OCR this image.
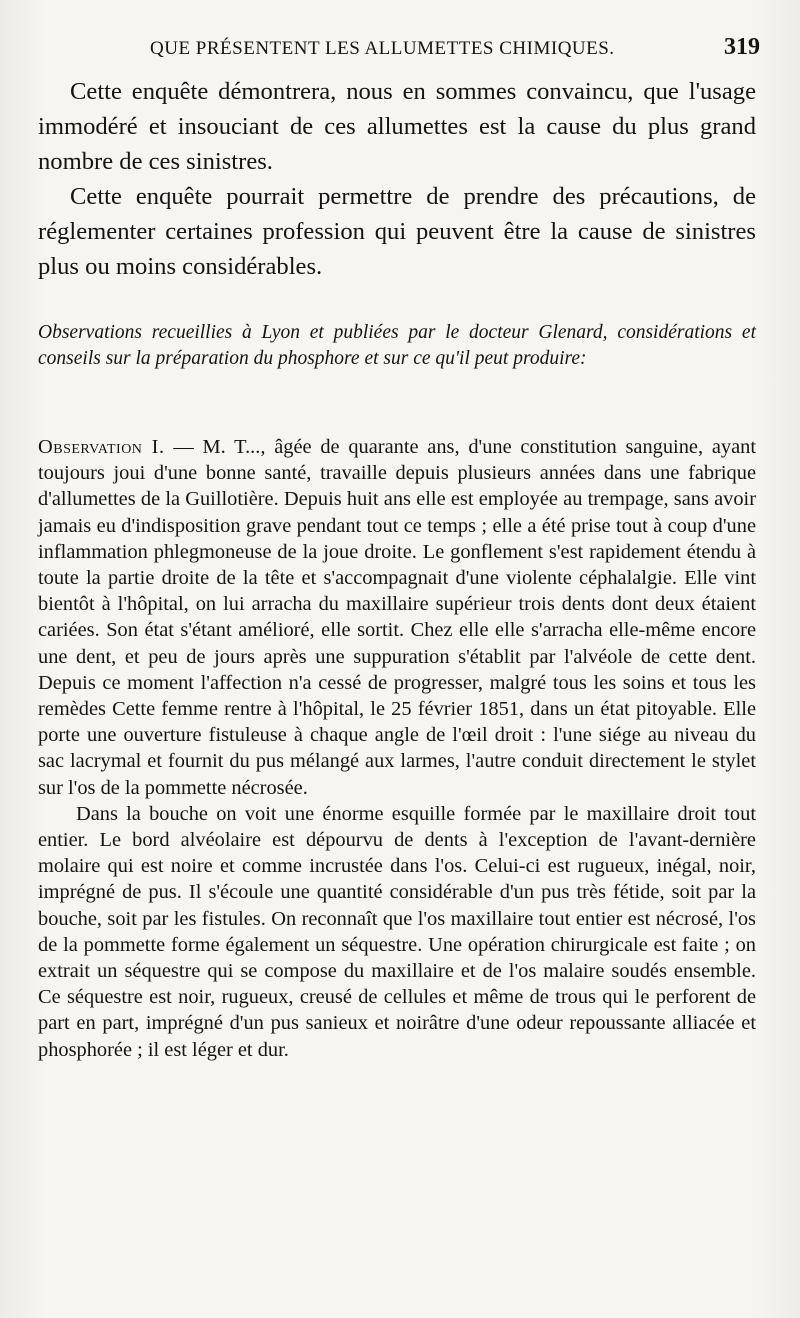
QUE PRÉSENTENT LES ALLUMETTES CHIMIQUES.	319

Cette enquête démontrera, nous en sommes convaincu, que l'usage immodéré et insouciant de ces allumettes est la cause du plus grand nombre de ces sinistres.

Cette enquête pourrait permettre de prendre des précautions, de réglementer certaines profession qui peuvent être la cause de sinistres plus ou moins considérables.

Observations recueillies à Lyon et publiées par le docteur Glenard, considérations et conseils sur la préparation du phosphore et sur ce qu'il peut produire:

Observation I. — M. T..., âgée de quarante ans, d'une constitution sanguine, ayant toujours joui d'une bonne santé, travaille depuis plusieurs années dans une fabrique d'allumettes de la Guillotière. Depuis huit ans elle est employée au trempage, sans avoir jamais eu d'indisposition grave pendant tout ce temps ; elle a été prise tout à coup d'une inflammation phlegmoneuse de la joue droite. Le gonflement s'est rapidement étendu à toute la partie droite de la tête et s'accompagnait d'une violente céphalalgie. Elle vint bientôt à l'hôpital, on lui arracha du maxillaire supérieur trois dents dont deux étaient cariées. Son état s'étant amélioré, elle sortit. Chez elle elle s'arracha elle-même encore une dent, et peu de jours après une suppuration s'établit par l'alvéole de cette dent. Depuis ce moment l'affection n'a cessé de progresser, malgré tous les soins et tous les remèdes Cette femme rentre à l'hôpital, le 25 février 1851, dans un état pitoyable. Elle porte une ouverture fistuleuse à chaque angle de l'œil droit : l'une siége au niveau du sac lacrymal et fournit du pus mélangé aux larmes, l'autre conduit directement le stylet sur l'os de la pommette nécrosée.

Dans la bouche on voit une énorme esquille formée par le maxillaire droit tout entier. Le bord alvéolaire est dépourvu de dents à l'exception de l'avant-dernière molaire qui est noire et comme incrustée dans l'os. Celui-ci est rugueux, inégal, noir, imprégné de pus. Il s'écoule une quantité considérable d'un pus très fétide, soit par la bouche, soit par les fistules. On reconnaît que l'os maxillaire tout entier est nécrosé, l'os de la pommette forme également un séquestre. Une opération chirurgicale est faite ; on extrait un séquestre qui se compose du maxillaire et de l'os malaire soudés ensemble. Ce séquestre est noir, rugueux, creusé de cellules et même de trous qui le perforent de part en part, imprégné d'un pus sanieux et noirâtre d'une odeur repoussante alliacée et phosphorée ; il est léger et dur.
